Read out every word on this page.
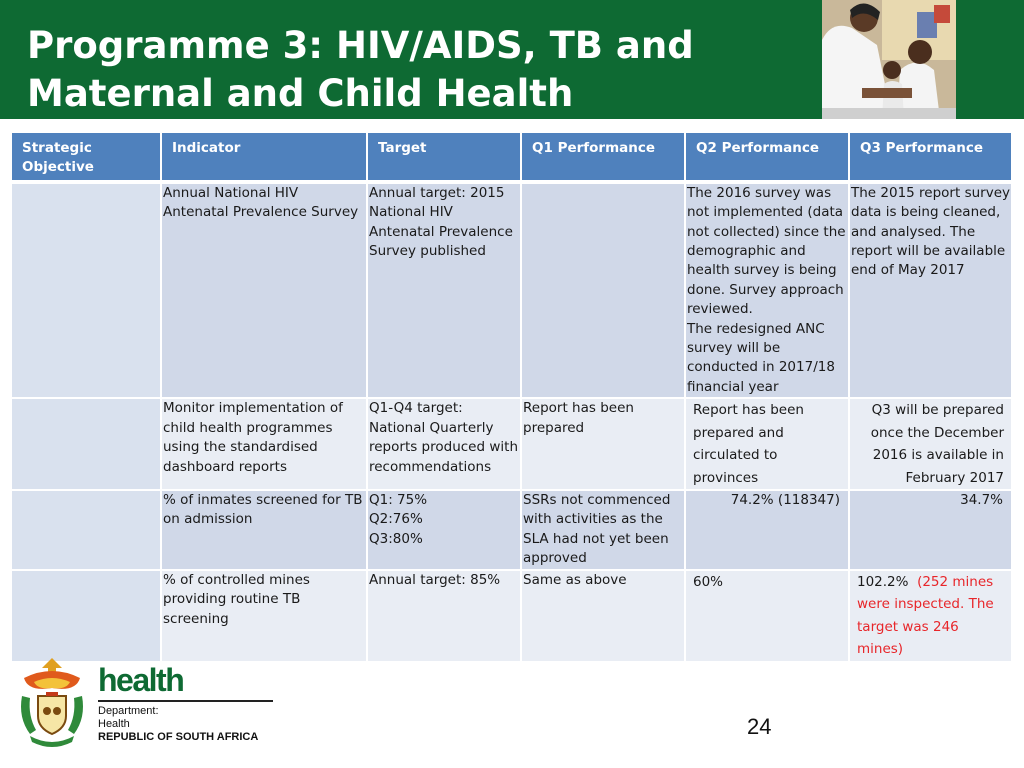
Programme 3: HIV/AIDS, TB and
Maternal and Child Health
Strategic Objective	Indicator	Target	Q1 Performance	Q2 Performance	Q3 Performance
	Annual National HIV Antenatal Prevalence Survey	Annual target: 2015 National HIV Antenatal Prevalence Survey published		The 2016 survey was not implemented (data not collected) since the demographic and health survey is being done. Survey approach reviewed.
The redesigned ANC survey will be conducted in 2017/18 financial year	The 2015 report survey data is being cleaned, and analysed. The report will be available end of May 2017
	Monitor implementation of child health programmes using the standardised dashboard reports	Q1-Q4 target: National Quarterly reports produced with recommendations	Report has been prepared	Report has been prepared and circulated to provinces	Q3 will be prepared once the December 2016 is available in February 2017
	% of inmates screened for TB on admission	Q1: 75%
Q2:76%
Q3:80%	SSRs not commenced with activities as the SLA had not yet been approved	74.2% (118347)	34.7%
	% of controlled mines providing routine TB screening	Annual target: 85%	Same as above	60%	102.2% (252 mines were inspected. The target was 246 mines)
health
Department:
Health
REPUBLIC OF SOUTH AFRICA	24
